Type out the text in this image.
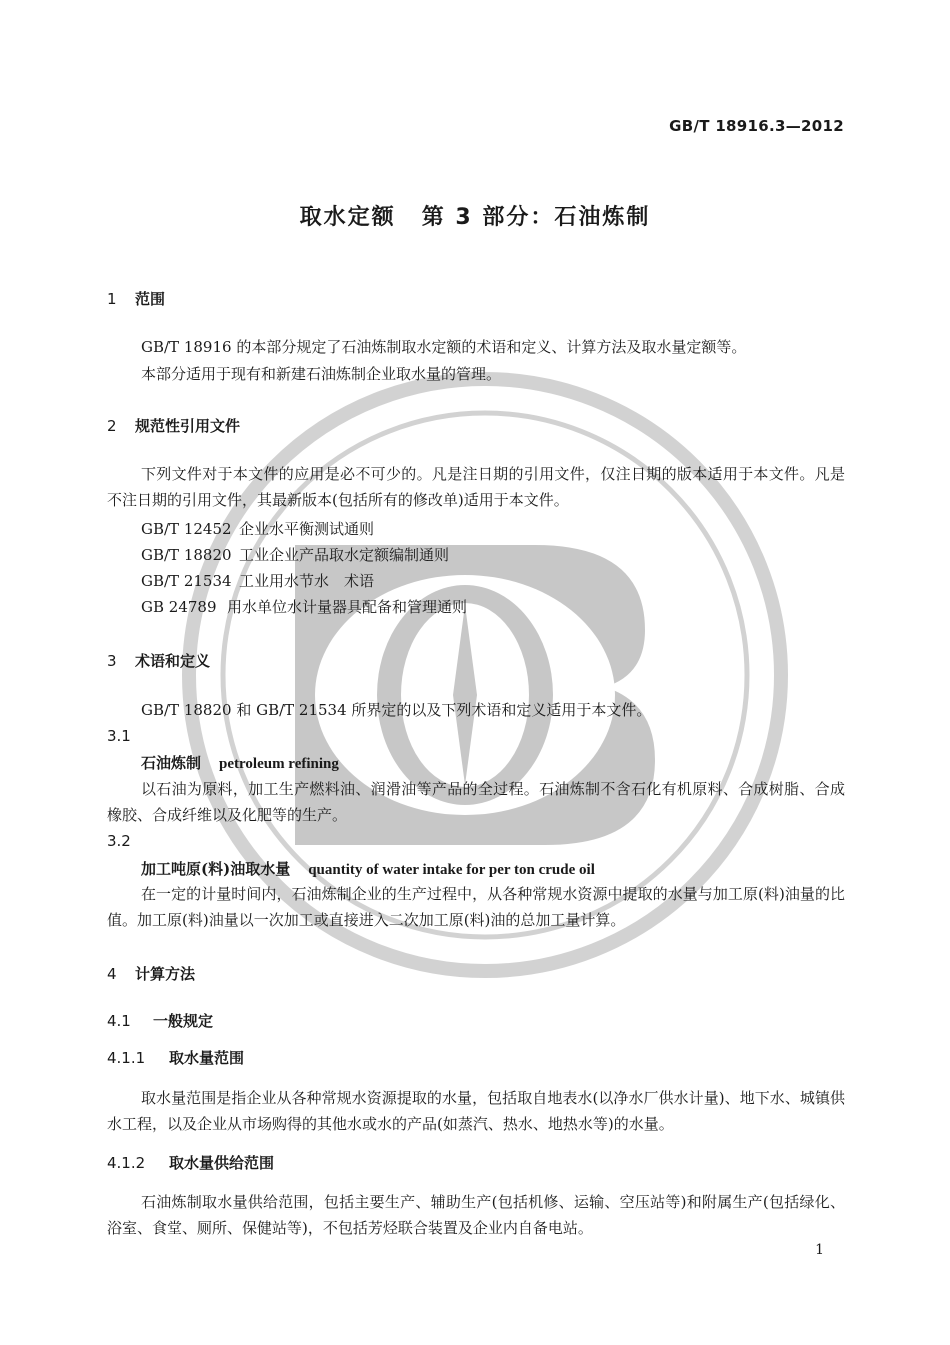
GB/T 18916.3—2012
取水定额 第 3 部分：石油炼制
1 范围
GB/T 18916 的本部分规定了石油炼制取水定额的术语和定义、计算方法及取水量定额等。
本部分适用于现有和新建石油炼制企业取水量的管理。
2 规范性引用文件
下列文件对于本文件的应用是必不可少的。凡是注日期的引用文件，仅注日期的版本适用于本文件。凡是不注日期的引用文件，其最新版本(包括所有的修改单)适用于本文件。
GB/T 12452 企业水平衡测试通则
GB/T 18820 工业企业产品取水定额编制通则
GB/T 21534 工业用水节水　术语
GB 24789 用水单位水计量器具配备和管理通则
3 术语和定义
GB/T 18820 和 GB/T 21534 所界定的以及下列术语和定义适用于本文件。
3.1
石油炼制 petroleum refining
以石油为原料，加工生产燃料油、润滑油等产品的全过程。石油炼制不含石化有机原料、合成树脂、合成橡胶、合成纤维以及化肥等的生产。
3.2
加工吨原(料)油取水量 quantity of water intake for per ton crude oil
在一定的计量时间内，石油炼制企业的生产过程中，从各种常规水资源中提取的水量与加工原(料)油量的比值。加工原(料)油量以一次加工或直接进入二次加工原(料)油的总加工量计算。
4 计算方法
4.1 一般规定
4.1.1 取水量范围
取水量范围是指企业从各种常规水资源提取的水量，包括取自地表水(以净水厂供水计量)、地下水、城镇供水工程，以及企业从市场购得的其他水或水的产品(如蒸汽、热水、地热水等)的水量。
4.1.2 取水量供给范围
石油炼制取水量供给范围，包括主要生产、辅助生产(包括机修、运输、空压站等)和附属生产(包括绿化、浴室、食堂、厕所、保健站等)，不包括芳烃联合装置及企业内自备电站。
1
